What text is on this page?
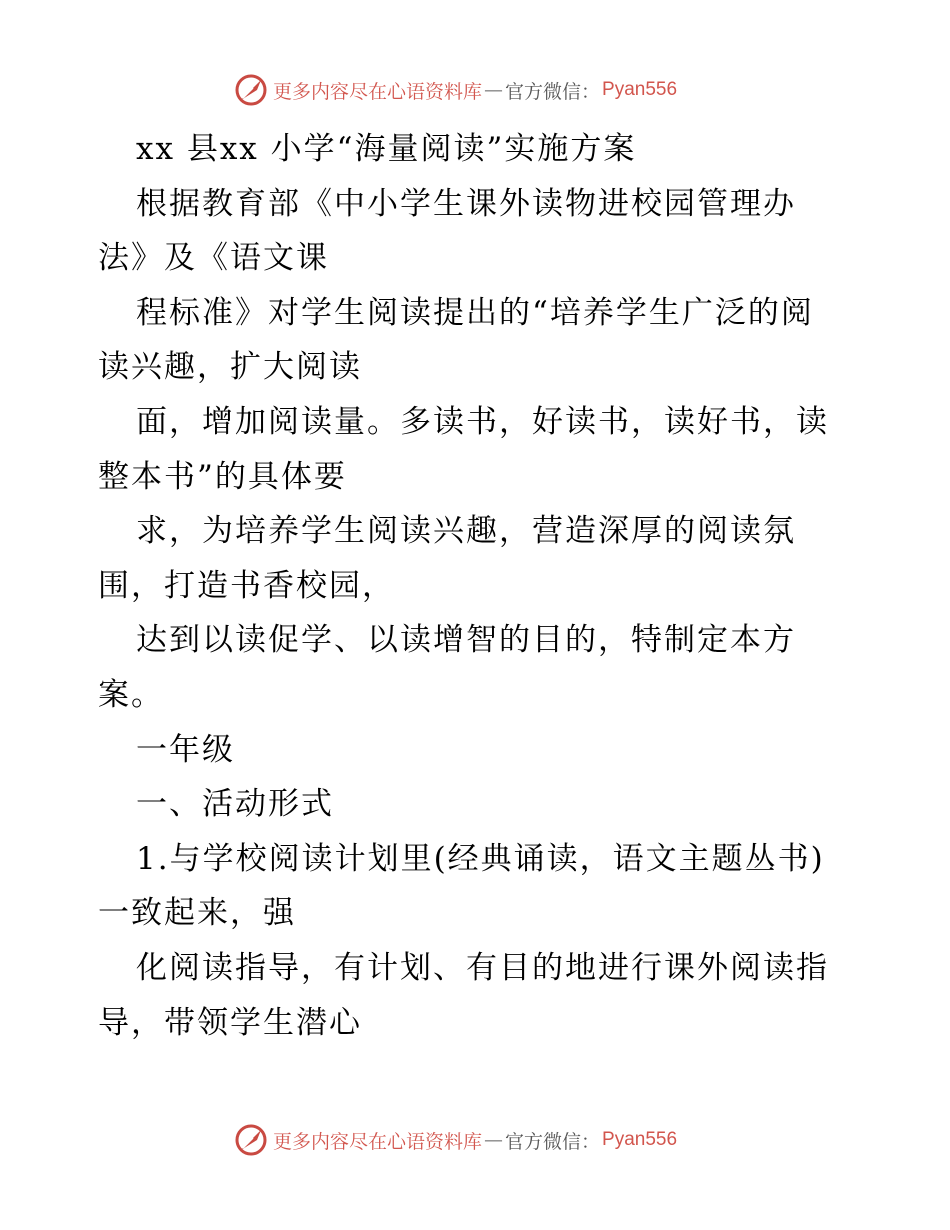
更多内容尽在心语资料库 — 官方微信： Pyan556
xx 县xx 小学“海量阅读”实施方案
根据教育部《中小学生课外读物进校园管理办
法》及《语文课
程标准》对学生阅读提出的“培养学生广泛的阅
读兴趣，扩大阅读
面，增加阅读量。多读书，好读书，读好书，读
整本书”的具体要
求，为培养学生阅读兴趣，营造深厚的阅读氛
围，打造书香校园，
达到以读促学、以读增智的目的，特制定本方
案。
一年级
一、活动形式
1.与学校阅读计划里(经典诵读，语文主题丛书)
一致起来，强
化阅读指导，有计划、有目的地进行课外阅读指
导，带领学生潜心
更多内容尽在心语资料库 — 官方微信： Pyan556
